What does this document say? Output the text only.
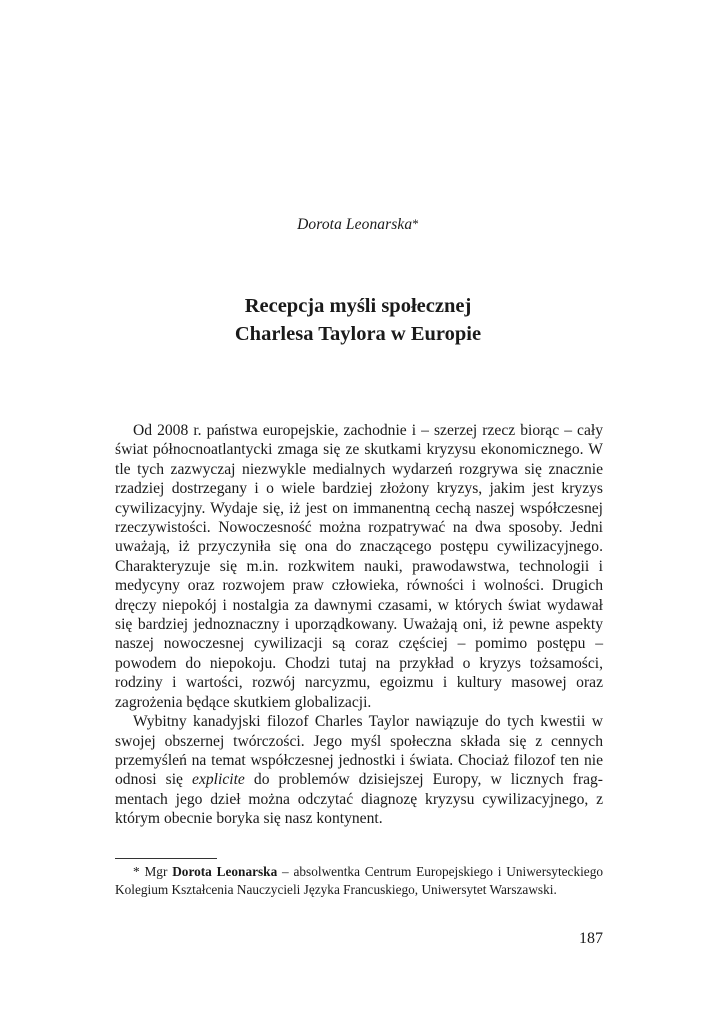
Dorota Leonarska*
Recepcja myśli społecznej
Charlesa Taylora w Europie

Od 2008 r. państwa europejskie, zachodnie i – szerzej rzecz biorąc – cały świat północnoatlantycki zmaga się ze skutkami kryzysu ekonomicznego. W tle tych zazwyczaj niezwykle medialnych wydarzeń rozgrywa się znacznie rzadziej dostrzegany i o wiele bardziej złożony kryzys, jakim jest kryzys cywilizacyjny. Wydaje się, iż jest on immanentną cechą naszej współczesnej rzeczywistości. Nowoczesność można rozpatrywać na dwa sposoby. Jedni uważają, iż przyczyniła się ona do znaczącego postępu cywilizacyjnego. Charakteryzuje się m.in. rozkwitem nauki, prawodawstwa, technologii i medycyny oraz rozwojem praw człowieka, równości i wolności. Drugich dręczy niepokój i nostalgia za dawnymi czasami, w których świat wydawał się bardziej jednoznaczny i uporządkowany. Uważają oni, iż pewne aspekty naszej nowoczesnej cywilizacji są coraz częściej – pomimo postępu – powodem do niepokoju. Chodzi tutaj na przykład o kryzys tożsamości, rodziny i wartości, rozwój narcyzmu, egoizmu i kultury masowej oraz zagrożenia będące skutkiem globalizacji.

Wybitny kanadyjski filozof Charles Taylor nawiązuje do tych kwestii w swojej obszernej twórczości. Jego myśl społeczna składa się z cennych przemyśleń na temat współczesnej jednostki i świata. Chociaż filozof ten nie odnosi się explicite do problemów dzisiejszej Europy, w licznych fragmentach jego dzieł można odczytać diagnozę kryzysu cywilizacyjnego, z którym obecnie boryka się nasz kontynent.

* Mgr Dorota Leonarska – absolwentka Centrum Europejskiego i Uniwersyteckiego Kolegium Kształcenia Nauczycieli Języka Francuskiego, Uniwersytet Warszawski.
187
